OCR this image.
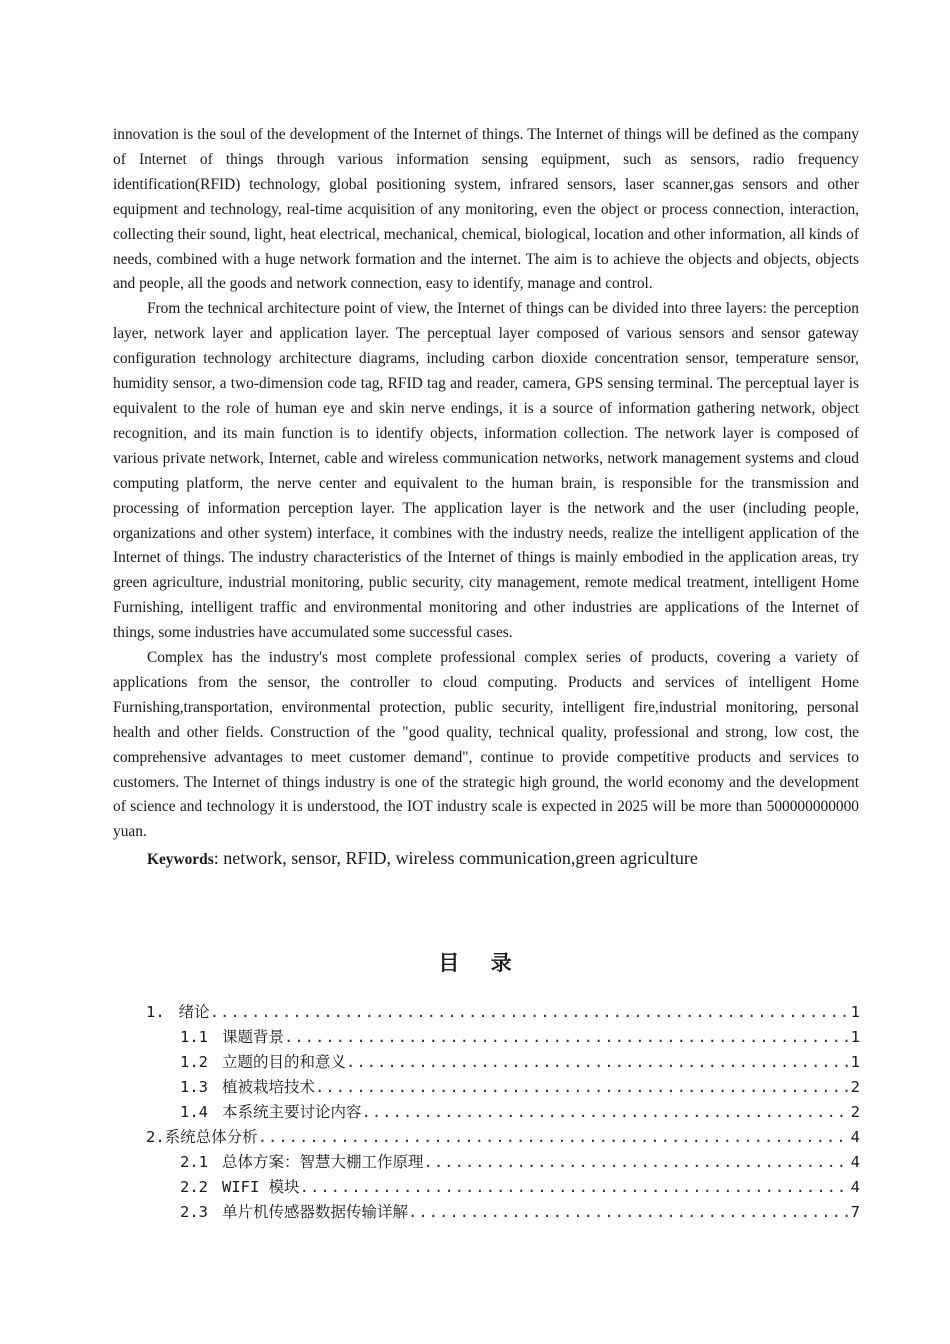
innovation is the soul of the development of the Internet of things. The Internet of things will be defined as the company of Internet of things through various information sensing equipment, such as sensors, radio frequency identification(RFID) technology, global positioning system, infrared sensors, laser scanner,gas sensors and other equipment and technology, real-time acquisition of any monitoring, even the object or process connection, interaction, collecting their sound, light, heat electrical, mechanical, chemical, biological, location and other information, all kinds of needs, combined with a huge network formation and the internet. The aim is to achieve the objects and objects, objects and people, all the goods and network connection, easy to identify, manage and control.

From the technical architecture point of view, the Internet of things can be divided into three layers: the perception layer, network layer and application layer. The perceptual layer composed of various sensors and sensor gateway configuration technology architecture diagrams, including carbon dioxide concentration sensor, temperature sensor, humidity sensor, a two-dimension code tag, RFID tag and reader, camera, GPS sensing terminal. The perceptual layer is equivalent to the role of human eye and skin nerve endings, it is a source of information gathering network, object recognition, and its main function is to identify objects, information collection. The network layer is composed of various private network, Internet, cable and wireless communication networks, network management systems and cloud computing platform, the nerve center and equivalent to the human brain, is responsible for the transmission and processing of information perception layer. The application layer is the network and the user (including people, organizations and other system) interface, it combines with the industry needs, realize the intelligent application of the Internet of things. The industry characteristics of the Internet of things is mainly embodied in the application areas, try green agriculture, industrial monitoring, public security, city management, remote medical treatment, intelligent Home Furnishing, intelligent traffic and environmental monitoring and other industries are applications of the Internet of things, some industries have accumulated some successful cases.

Complex has the industry's most complete professional complex series of products, covering a variety of applications from the sensor, the controller to cloud computing. Products and services of intelligent Home Furnishing,transportation, environmental protection, public security, intelligent fire,industrial monitoring, personal health and other fields. Construction of the "good quality, technical quality, professional and strong, low cost, the comprehensive advantages to meet customer demand", continue to provide competitive products and services to customers. The Internet of things industry is one of the strategic high ground, the world economy and the development of science and technology it is understood, the IOT industry scale is expected in 2025 will be more than 500000000000 yuan.

Keywords: network, sensor, RFID, wireless communication,green agriculture

目 录
1. 绪论 .....	1
1.1 课题背景 .....	1
1.2 立题的目的和意义 .....	1
1.3 植被栽培技术 .....	2
1.4 本系统主要讨论内容 .....	2
2. 系统总体分析 .....	4
2.1 总体方案：智慧大棚工作原理 .....	4
2.2 WIFI 模块 .....	4
2.3 单片机传感器数据传输详解 .....	7
